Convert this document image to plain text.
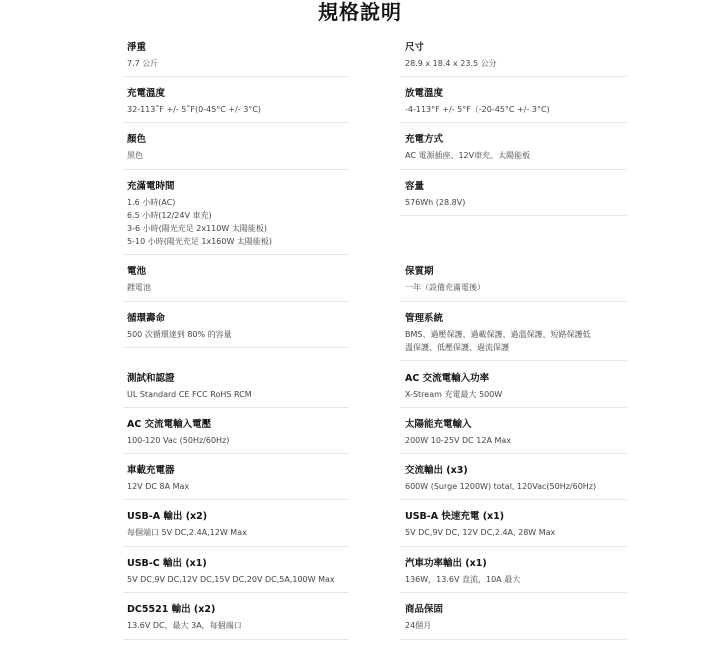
規格說明
淨重
7.7 公斤
充電溫度
32-113˚F +/- 5˚F(0-45°C +/- 3°C)
顏色
黑色
充滿電時間
1.6 小時(AC)
6.5 小時(12/24V 車充)
3-6 小時(陽光充足 2x110W 太陽能板)
5-10 小時(陽光充足 1x160W 太陽能板)
電池
鋰電池
循環壽命
500 次循環達到 80% 的容量
測試和認證
UL Standard CE FCC RoHS RCM
AC 交流電輸入電壓
100-120 Vac (50Hz/60Hz)
車載充電器
12V DC 8A Max
USB-A 輸出 (x2)
每個端口 5V DC,2.4A,12W Max
USB-C 輸出 (x1)
5V DC,9V DC,12V DC,15V DC,20V DC,5A,100W Max
DC5521 輸出 (x2)
13.6V DC，最大 3A，每個端口
尺寸
28.9 x 18.4 x 23.5 公分
放電溫度
-4-113°F +/- 5°F（-20-45°C +/- 3°C)
充電方式
AC 電源插座、12V車充、太陽能板
容量
576Wh (28.8V)
保質期
一年（設備充滿電後）
管理系統
BMS、過壓保護、過載保護、過溫保護、短路保護低
溫保護、低壓保護、過流保護
AC 交流電輸入功率
X-Stream 充電最大 500W
太陽能充電輸入
200W 10-25V DC 12A Max
交流輸出 (x3)
600W (Surge 1200W) total, 120Vac(50Hz/60Hz)
USB-A 快速充電 (x1)
5V DC,9V DC, 12V DC,2.4A, 28W Max
汽車功率輸出 (x1)
136W，13.6V 直流，10A 最大
商品保固
24個月
